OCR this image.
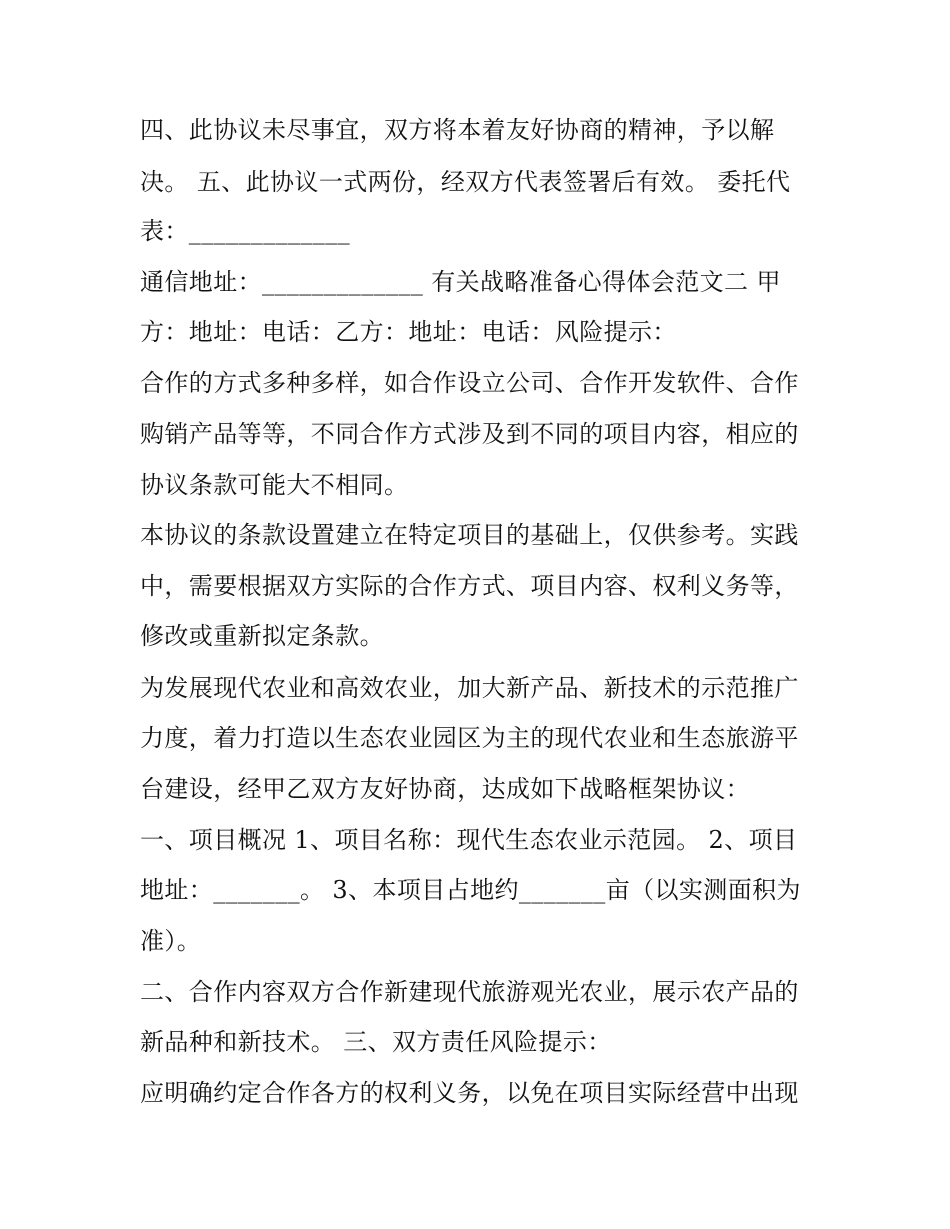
四、此协议未尽事宜，双方将本着友好协商的精神，予以解
决。 五、此协议一式两份，经双方代表签署后有效。 委托代
表：_____________
通信地址：_____________ 有关战略准备心得体会范文二 甲
方：地址：电话：乙方：地址：电话：风险提示：
合作的方式多种多样，如合作设立公司、合作开发软件、合作
购销产品等等，不同合作方式涉及到不同的项目内容，相应的
协议条款可能大不相同。
本协议的条款设置建立在特定项目的基础上，仅供参考。实践
中，需要根据双方实际的合作方式、项目内容、权利义务等，
修改或重新拟定条款。
为发展现代农业和高效农业，加大新产品、新技术的示范推广
力度，着力打造以生态农业园区为主的现代农业和生态旅游平
台建设，经甲乙双方友好协商，达成如下战略框架协议：
一、项目概况 1、项目名称：现代生态农业示范园。 2、项目
地址：_______。 3、本项目占地约_______亩（以实测面积为
准）。
二、合作内容双方合作新建现代旅游观光农业，展示农产品的
新品种和新技术。 三、双方责任风险提示：
应明确约定合作各方的权利义务，以免在项目实际经营中出现
